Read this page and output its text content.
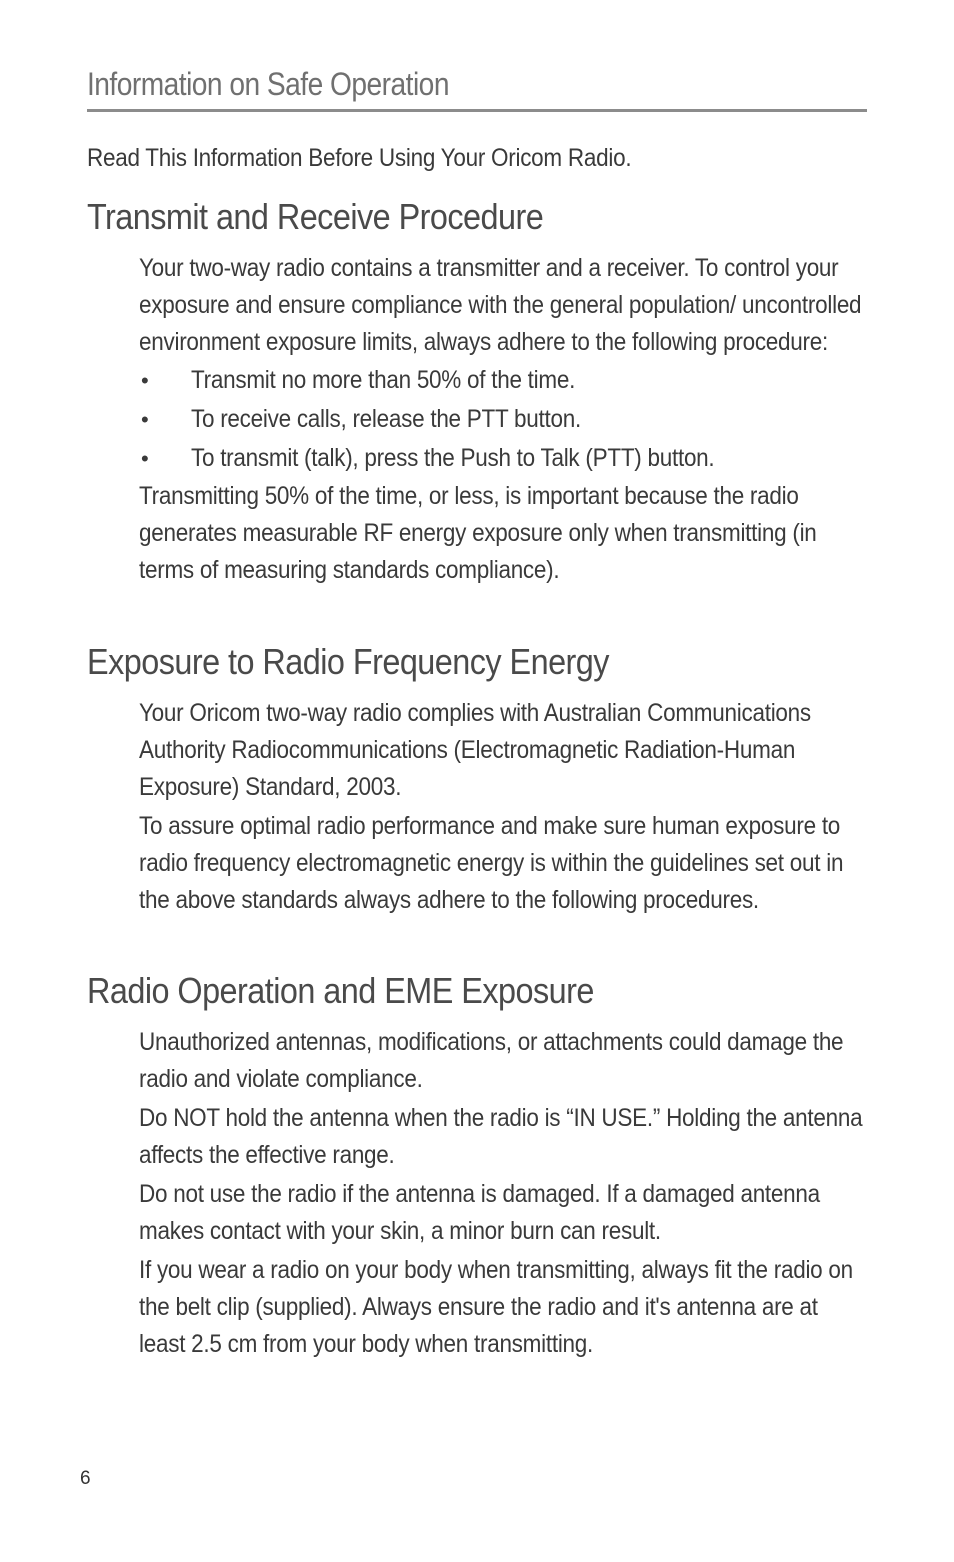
Information on Safe Operation
Read This Information Before Using Your Oricom Radio.
Transmit and Receive Procedure

Your two-way radio contains a transmitter and a receiver. To control your exposure and ensure compliance with the general population/ uncontrolled environment exposure limits, always adhere to the following procedure:

• Transmit no more than 50% of the time.
• To receive calls, release the PTT button.
• To transmit (talk), press the Push to Talk (PTT) button.

Transmitting 50% of the time, or less, is important because the radio generates measurable RF energy exposure only when transmitting (in terms of measuring standards compliance).

Exposure to Radio Frequency Energy

Your Oricom two-way radio complies with Australian Communications Authority Radiocommunications (Electromagnetic Radiation-Human Exposure) Standard, 2003.

To assure optimal radio performance and make sure human exposure to radio frequency electromagnetic energy is within the guidelines set out in the above standards always adhere to the following procedures.

Radio Operation and EME Exposure

Unauthorized antennas, modifications, or attachments could damage the radio and violate compliance.

Do NOT hold the antenna when the radio is “IN USE.” Holding the antenna affects the effective range.

Do not use the radio if the antenna is damaged. If a damaged antenna makes contact with your skin, a minor burn can result.

If you wear a radio on your body when transmitting, always fit the radio on the belt clip (supplied). Always ensure the radio and it's antenna are at least 2.5 cm from your body when transmitting.

6
